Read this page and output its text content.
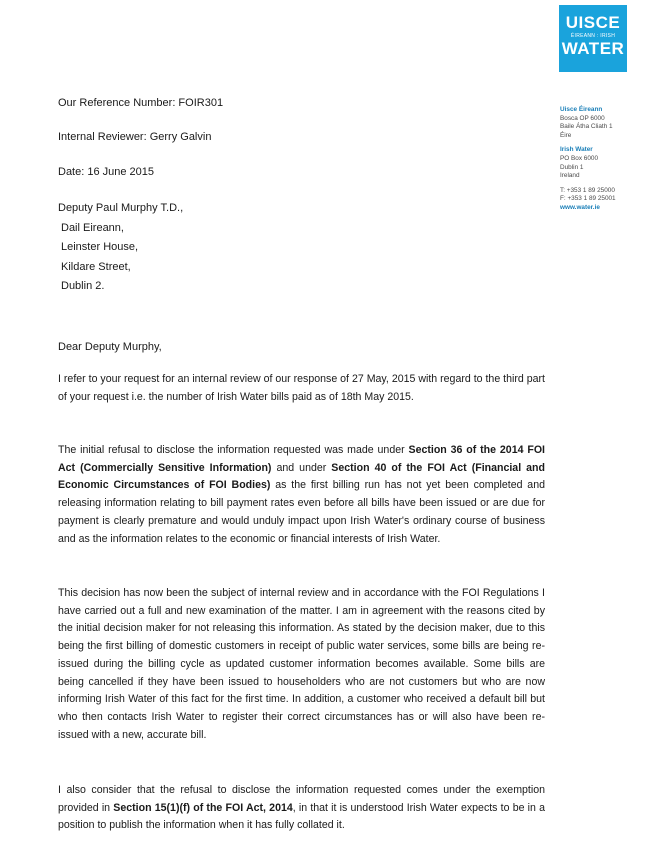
UISCE
ÉIREANN : IRISH
WATER
Uisce Éireann
Bosca OP 6000
Baile Átha Cliath 1
Éire
Irish Water
PO Box 6000
Dublin 1
Ireland
T: +353 1 89 25000
F: +353 1 89 25001
www.water.ie
Our Reference Number: FOIR301
Internal Reviewer: Gerry Galvin
Date: 16 June 2015
Deputy Paul Murphy T.D.,
Dail Eireann,
Leinster House,
Kildare Street,
Dublin 2.
Dear Deputy Murphy,

I refer to your request for an internal review of our response of 27 May, 2015 with regard to the third part of your request i.e. the number of Irish Water bills paid as of 18th May 2015.

The initial refusal to disclose the information requested was made under Section 36 of the 2014 FOI Act (Commercially Sensitive Information) and under Section 40 of the FOI Act (Financial and Economic Circumstances of FOI Bodies) as the first billing run has not yet been completed and releasing information relating to bill payment rates even before all bills have been issued or are due for payment is clearly premature and would unduly impact upon Irish Water's ordinary course of business and as the information relates to the economic or financial interests of Irish Water.

This decision has now been the subject of internal review and in accordance with the FOI Regulations I have carried out a full and new examination of the matter. I am in agreement with the reasons cited by the initial decision maker for not releasing this information. As stated by the decision maker, due to this being the first billing of domestic customers in receipt of public water services, some bills are being re-issued during the billing cycle as updated customer information becomes available. Some bills are being cancelled if they have been issued to householders who are not customers but who are now informing Irish Water of this fact for the first time. In addition, a customer who received a default bill but who then contacts Irish Water to register their correct circumstances has or will also have been re-issued with a new, accurate bill.

I also consider that the refusal to disclose the information requested comes under the exemption provided in Section 15(1)(f) of the FOI Act, 2014, in that it is understood Irish Water expects to be in a position to publish the information when it has fully collated it.
